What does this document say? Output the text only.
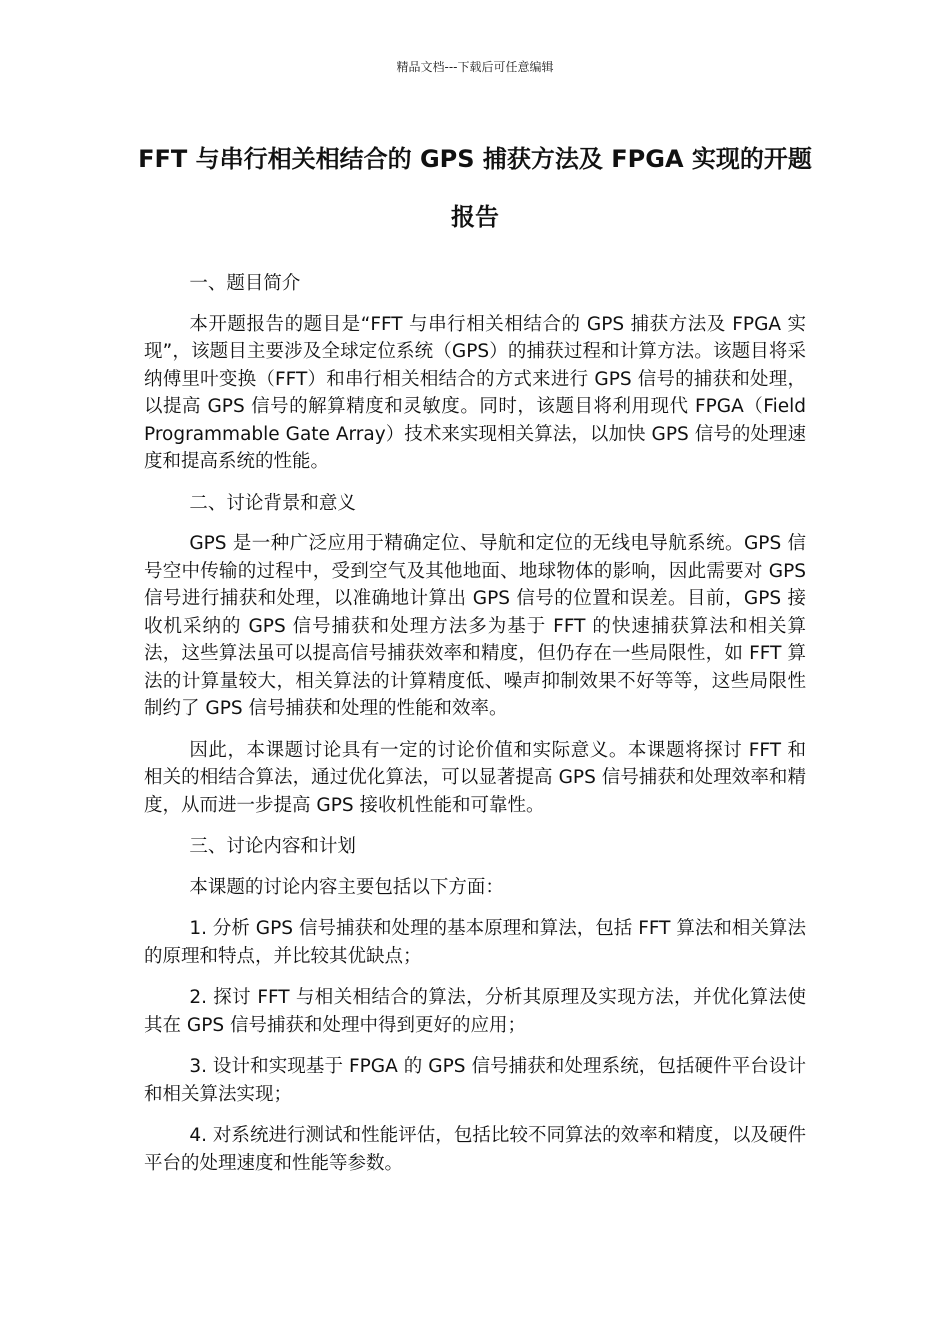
精品文档---下载后可任意编辑
FFT 与串行相关相结合的 GPS 捕获方法及 FPGA 实现的开题报告

一、题目简介

本开题报告的题目是“FFT 与串行相关相结合的 GPS 捕获方法及 FPGA 实现”，该题目主要涉及全球定位系统（GPS）的捕获过程和计算方法。该题目将采纳傅里叶变换（FFT）和串行相关相结合的方式来进行 GPS 信号的捕获和处理，以提高 GPS 信号的解算精度和灵敏度。同时，该题目将利用现代 FPGA（Field Programmable Gate Array）技术来实现相关算法，以加快 GPS 信号的处理速度和提高系统的性能。

二、讨论背景和意义

GPS 是一种广泛应用于精确定位、导航和定位的无线电导航系统。GPS 信号空中传输的过程中，受到空气及其他地面、地球物体的影响，因此需要对 GPS 信号进行捕获和处理，以准确地计算出 GPS 信号的位置和误差。目前，GPS 接收机采纳的 GPS 信号捕获和处理方法多为基于 FFT 的快速捕获算法和相关算法，这些算法虽可以提高信号捕获效率和精度，但仍存在一些局限性，如 FFT 算法的计算量较大，相关算法的计算精度低、噪声抑制效果不好等等，这些局限性制约了 GPS 信号捕获和处理的性能和效率。

因此，本课题讨论具有一定的讨论价值和实际意义。本课题将探讨 FFT 和相关的相结合算法，通过优化算法，可以显著提高 GPS 信号捕获和处理效率和精度，从而进一步提高 GPS 接收机性能和可靠性。

三、讨论内容和计划

本课题的讨论内容主要包括以下方面：

1. 分析 GPS 信号捕获和处理的基本原理和算法，包括 FFT 算法和相关算法的原理和特点，并比较其优缺点；

2. 探讨 FFT 与相关相结合的算法，分析其原理及实现方法，并优化算法使其在 GPS 信号捕获和处理中得到更好的应用；

3. 设计和实现基于 FPGA 的 GPS 信号捕获和处理系统，包括硬件平台设计和相关算法实现；

4. 对系统进行测试和性能评估，包括比较不同算法的效率和精度，以及硬件平台的处理速度和性能等参数。
